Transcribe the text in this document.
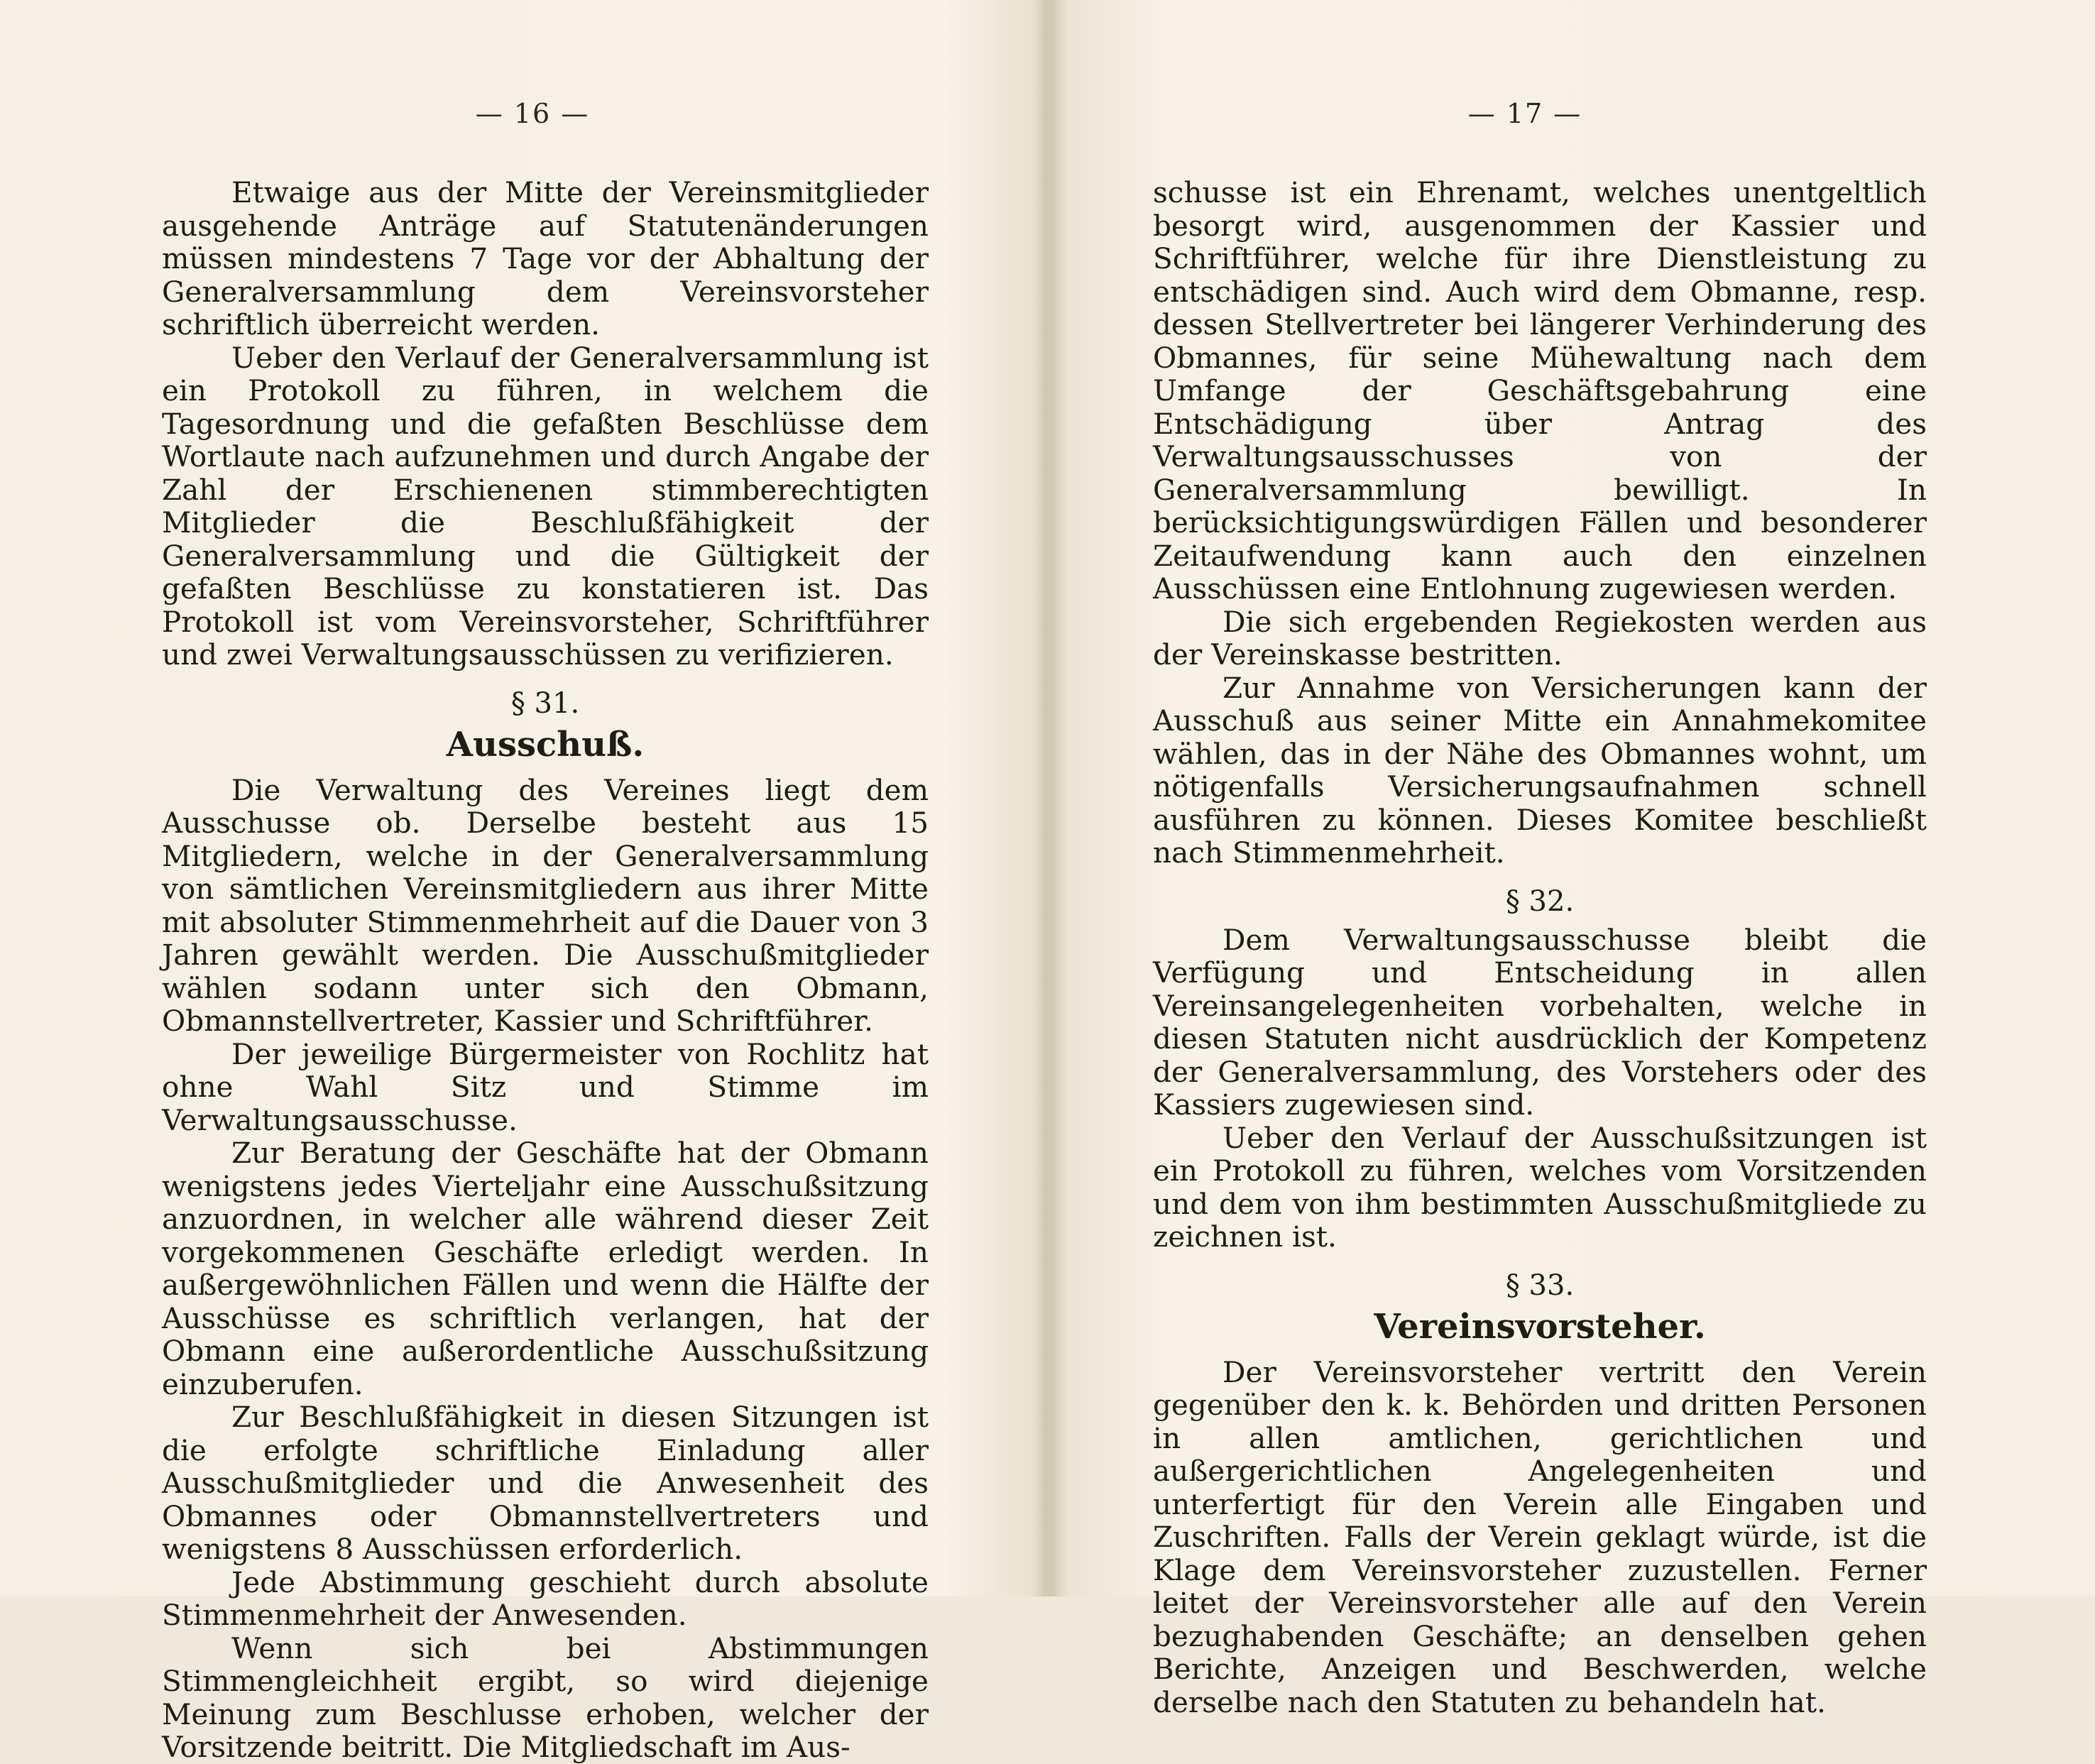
— 16 —

Etwaige aus der Mitte der Vereinsmitglieder ausgehende Anträge auf Statutenänderungen müssen mindestens 7 Tage vor der Abhaltung der Generalversammlung dem Vereinsvorsteher schriftlich überreicht werden.

Ueber den Verlauf der Generalversammlung ist ein Protokoll zu führen, in welchem die Tagesordnung und die gefaßten Beschlüsse dem Wortlaute nach aufzunehmen und durch Angabe der Zahl der Erschienenen stimmberechtigten Mitglieder die Beschlußfähigkeit der Generalversammlung und die Gültigkeit der gefaßten Beschlüsse zu konstatieren ist. Das Protokoll ist vom Vereinsvorsteher, Schriftführer und zwei Verwaltungsausschüssen zu verifizieren.

§ 31.
Ausschuß.

Die Verwaltung des Vereines liegt dem Ausschusse ob. Derselbe besteht aus 15 Mitgliedern, welche in der Generalversammlung von sämtlichen Vereinsmitgliedern aus ihrer Mitte mit absoluter Stimmenmehrheit auf die Dauer von 3 Jahren gewählt werden. Die Ausschußmitglieder wählen sodann unter sich den Obmann, Obmannstellvertreter, Kassier und Schriftführer.

Der jeweilige Bürgermeister von Rochlitz hat ohne Wahl Sitz und Stimme im Verwaltungsausschusse.

Zur Beratung der Geschäfte hat der Obmann wenigstens jedes Vierteljahr eine Ausschußsitzung anzuordnen, in welcher alle während dieser Zeit vorgekommenen Geschäfte erledigt werden. In außergewöhnlichen Fällen und wenn die Hälfte der Ausschüsse es schriftlich verlangen, hat der Obmann eine außerordentliche Ausschußsitzung einzuberufen.

Zur Beschlußfähigkeit in diesen Sitzungen ist die erfolgte schriftliche Einladung aller Ausschußmitglieder und die Anwesenheit des Obmannes oder Obmannstellvertreters und wenigstens 8 Ausschüssen erforderlich.

Jede Abstimmung geschieht durch absolute Stimmenmehrheit der Anwesenden.

Wenn sich bei Abstimmungen Stimmengleichheit ergibt, so wird diejenige Meinung zum Beschlusse erhoben, welcher der Vorsitzende beitritt. Die Mitgliedschaft im Aus-

— 17 —

schusse ist ein Ehrenamt, welches unentgeltlich besorgt wird, ausgenommen der Kassier und Schriftführer, welche für ihre Dienstleistung zu entschädigen sind. Auch wird dem Obmanne, resp. dessen Stellvertreter bei längerer Verhinderung des Obmannes, für seine Mühewaltung nach dem Umfange der Geschäftsgebahrung eine Entschädigung über Antrag des Verwaltungsausschusses von der Generalversammlung bewilligt. In berücksichtigungswürdigen Fällen und besonderer Zeitaufwendung kann auch den einzelnen Ausschüssen eine Entlohnung zugewiesen werden.

Die sich ergebenden Regiekosten werden aus der Vereinskasse bestritten.

Zur Annahme von Versicherungen kann der Ausschuß aus seiner Mitte ein Annahmekomitee wählen, das in der Nähe des Obmannes wohnt, um nötigenfalls Versicherungsaufnahmen schnell ausführen zu können. Dieses Komitee beschließt nach Stimmenmehrheit.

§ 32.

Dem Verwaltungsausschusse bleibt die Verfügung und Entscheidung in allen Vereinsangelegenheiten vorbehalten, welche in diesen Statuten nicht ausdrücklich der Kompetenz der Generalversammlung, des Vorstehers oder des Kassiers zugewiesen sind.

Ueber den Verlauf der Ausschußsitzungen ist ein Protokoll zu führen, welches vom Vorsitzenden und dem von ihm bestimmten Ausschußmitgliede zu zeichnen ist.

§ 33.
Vereinsvorsteher.

Der Vereinsvorsteher vertritt den Verein gegenüber den k. k. Behörden und dritten Personen in allen amtlichen, gerichtlichen und außergerichtlichen Angelegenheiten und unterfertigt für den Verein alle Eingaben und Zuschriften. Falls der Verein geklagt würde, ist die Klage dem Vereinsvorsteher zuzustellen. Ferner leitet der Vereinsvorsteher alle auf den Verein bezughabenden Geschäfte; an denselben gehen Berichte, Anzeigen und Beschwerden, welche derselbe nach den Statuten zu behandeln hat.
